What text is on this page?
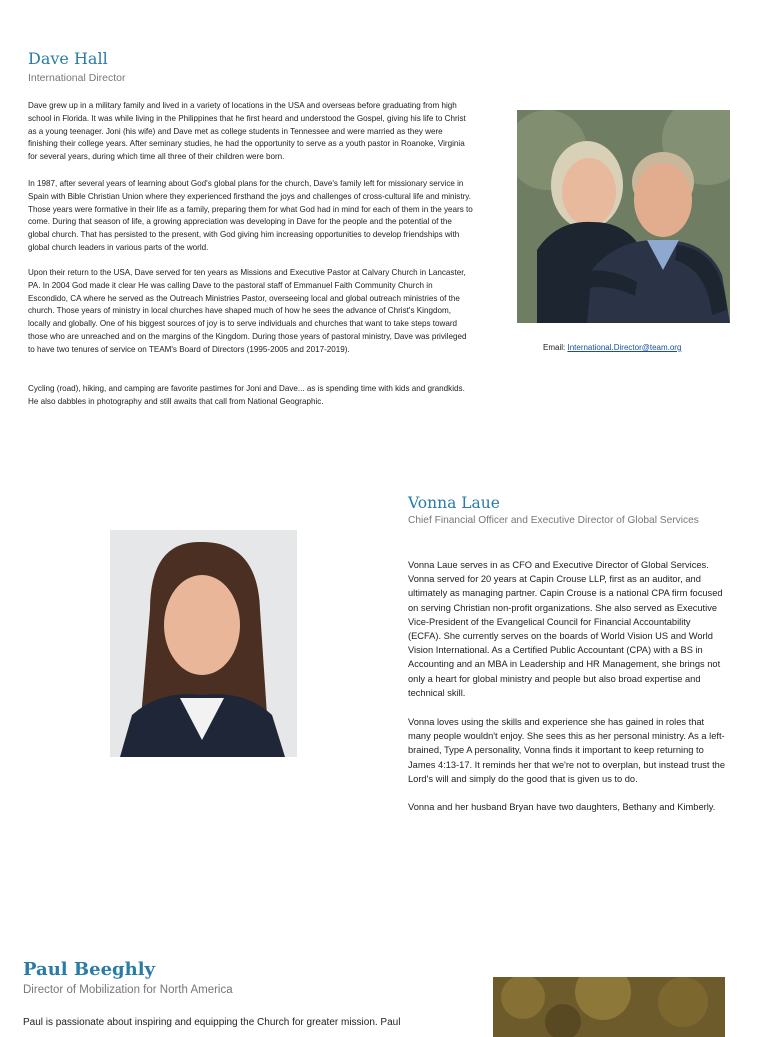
Dave Hall

International Director

Dave grew up in a military family and lived in a variety of locations in the USA and overseas before graduating from high school in Florida. It was while living in the Philippines that he first heard and understood the Gospel, giving his life to Christ as a young teenager. Joni (his wife) and Dave met as college students in Tennessee and were married as they were finishing their college years. After seminary studies, he had the opportunity to serve as a youth pastor in Roanoke, Virginia for several years, during which time all three of their children were born.

In 1987, after several years of learning about God's global plans for the church, Dave's family left for missionary service in Spain with Bible Christian Union where they experienced firsthand the joys and challenges of cross-cultural life and ministry. Those years were formative in their life as a family, preparing them for what God had in mind for each of them in the years to come. During that season of life, a growing appreciation was developing in Dave for the people and the potential of the global church. That has persisted to the present, with God giving him increasing opportunities to develop friendships with global church leaders in various parts of the world.

Upon their return to the USA, Dave served for ten years as Missions and Executive Pastor at Calvary Church in Lancaster, PA. In 2004 God made it clear He was calling Dave to the pastoral staff of Emmanuel Faith Community Church in Escondido, CA where he served as the Outreach Ministries Pastor, overseeing local and global outreach ministries of the church. Those years of ministry in local churches have shaped much of how he sees the advance of Christ's Kingdom, locally and globally. One of his biggest sources of joy is to serve individuals and churches that want to take steps toward those who are unreached and on the margins of the Kingdom. During those years of pastoral ministry, Dave was privileged to have two tenures of service on TEAM's Board of Directors (1995-2005 and 2017-2019).

Cycling (road), hiking, and camping are favorite pastimes for Joni and Dave... as is spending time with kids and grandkids. He also dabbles in photography and still awaits that call from National Geographic.

Email: International.Director@team.org
Vonna Laue

Chief Financial Officer and Executive Director of Global Services

Vonna Laue serves in as CFO and Executive Director of Global Services. Vonna served for 20 years at Capin Crouse LLP, first as an auditor, and ultimately as managing partner. Capin Crouse is a national CPA firm focused on serving Christian non-profit organizations. She also served as Executive Vice-President of the Evangelical Council for Financial Accountability (ECFA). She currently serves on the boards of World Vision US and World Vision International. As a Certified Public Accountant (CPA) with a BS in Accounting and an MBA in Leadership and HR Management, she brings not only a heart for global ministry and people but also broad expertise and technical skill.

Vonna loves using the skills and experience she has gained in roles that many people wouldn't enjoy. She sees this as her personal ministry. As a left-brained, Type A personality, Vonna finds it important to keep returning to James 4:13-17. It reminds her that we're not to overplan, but instead trust the Lord's will and simply do the good that is given us to do.

Vonna and her husband Bryan have two daughters, Bethany and Kimberly.

Paul Beeghly

Director of Mobilization for North America

Paul is passionate about inspiring and equipping the Church for greater mission. Paul
